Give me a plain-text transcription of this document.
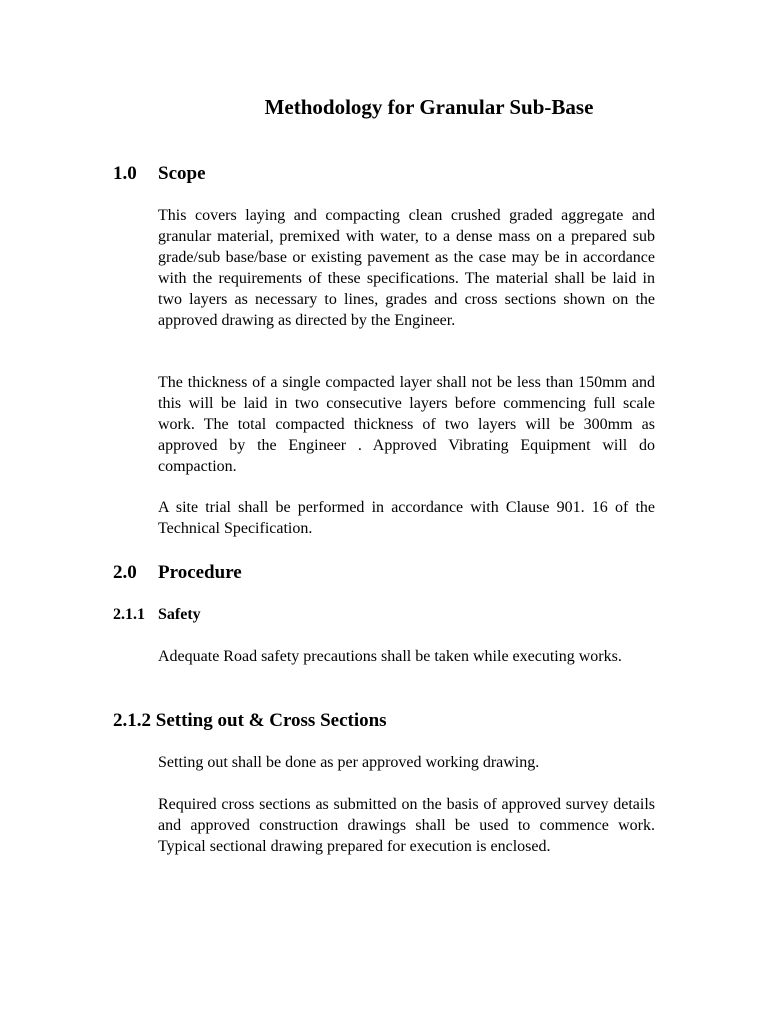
Methodology for Granular Sub-Base
1.0 Scope

This covers laying and compacting clean crushed graded aggregate and granular material, premixed with water, to a dense mass on a prepared sub grade/sub base/base or existing pavement as the case may be in accordance with the requirements of these specifications. The material shall be laid in two layers as necessary to lines, grades and cross sections shown on the approved drawing as directed by the Engineer.

The thickness of a single compacted layer shall not be less than 150mm and this will be laid in two consecutive layers before commencing full scale work. The total compacted thickness of two layers will be 300mm as approved by the Engineer . Approved Vibrating Equipment will do compaction.

A site trial shall be performed in accordance with Clause 901. 16 of the Technical Specification.

2.0 Procedure
2.1.1 Safety

Adequate Road safety precautions shall be taken while executing works.

2.1.2 Setting out & Cross Sections

Setting out shall be done as per approved working drawing.

Required cross sections as submitted on the basis of approved survey details and approved construction drawings shall be used to commence work. Typical sectional drawing prepared for execution is enclosed.
